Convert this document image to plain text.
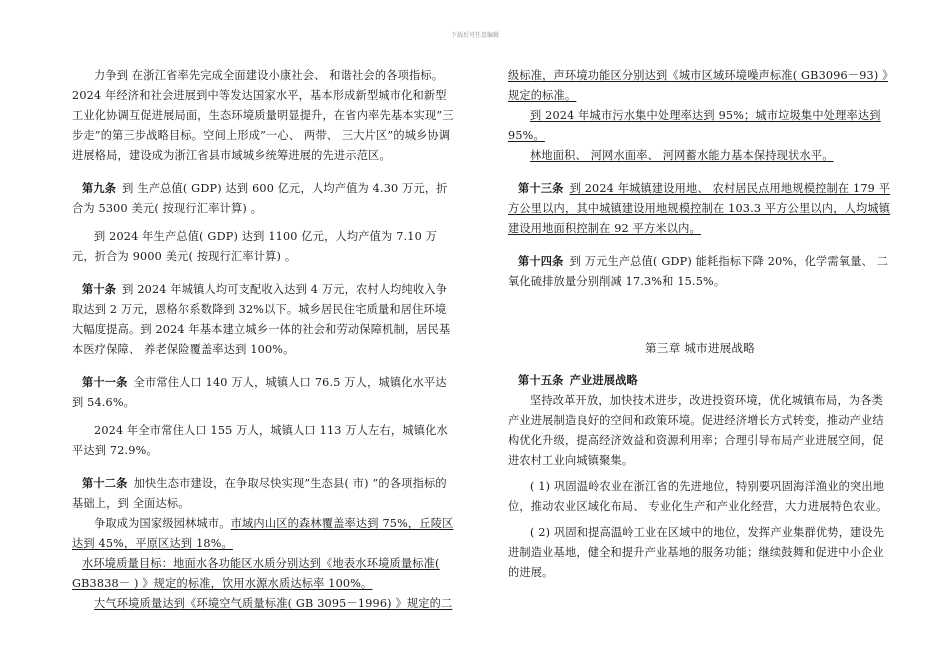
下载后可任意编辑

力争到 在浙江省率先完成全面建设小康社会、 和谐社会的各项指标。2024 年经济和社会进展到中等发达国家水平，基本形成新型城市化和新型工业化协调互促进展局面，生态环境质量明显提升，在省内率先基本实现”三步走”的第三步战略目标。空间上形成”一心、 两带、 三大片区”的城乡协调进展格局，建设成为浙江省县市域城乡统筹进展的先进示范区。

第九条 到 生产总值( GDP) 达到 600 亿元，人均产值为 4.30 万元，折合为 5300 美元( 按现行汇率计算) 。

到 2024 年生产总值( GDP) 达到 1100 亿元，人均产值为 7.10 万元，折合为 9000 美元( 按现行汇率计算) 。

第十条 到 2024 年城镇人均可支配收入达到 4 万元，农村人均纯收入争取达到 2 万元，恩格尔系数降到 32%以下。城乡居民住宅质量和居住环境大幅度提高。到 2024 年基本建立城乡一体的社会和劳动保障机制，居民基本医疗保障、 养老保险覆盖率达到 100%。

第十一条 全市常住人口 140 万人，城镇人口 76.5 万人，城镇化水平达到 54.6%。

2024 年全市常住人口 155 万人，城镇人口 113 万人左右，城镇化水平达到 72.9%。

第十二条 加快生态市建设，在争取尽快实现”生态县( 市) ”的各项指标的基础上，到 全面达标。

争取成为国家级园林城市。市域内山区的森林覆盖率达到 75%，丘陵区达到 45%，平原区达到 18%。

水环境质量目标：地面水各功能区水质分别达到《地表水环境质量标准( GB3838－ ) 》规定的标准，饮用水源水质达标率 100%。

大气环境质量达到《环境空气质量标准( GB 3095－1996) 》规定的二

级标准，声环境功能区分别达到《城市区域环境噪声标准( GB3096－93) 》规定的标准。

到 2024 年城市污水集中处理率达到 95%；城市垃圾集中处理率达到 95%。

林地面积、 河网水面率、 河网蓄水能力基本保持现状水平。

第十三条 到 2024 年城镇建设用地、 农村居民点用地规模控制在 179 平方公里以内，其中城镇建设用地规模控制在 103.3 平方公里以内，人均城镇建设用地面积控制在 92 平方米以内。

第十四条 到 万元生产总值( GDP) 能耗指标下降 20%，化学需氧量、 二氧化硫排放量分别削减 17.3%和 15.5%。

第三章 城市进展战略

第十五条 产业进展战略

坚持改革开放，加快技术进步，改进投资环境，优化城镇布局，为各类产业进展制造良好的空间和政策环境。促进经济增长方式转变，推动产业结构优化升级，提高经济效益和资源利用率；合理引导布局产业进展空间，促进农村工业向城镇聚集。

( 1) 巩固温岭农业在浙江省的先进地位，特别要巩固海洋渔业的突出地位，推动农业区域化布局、 专业化生产和产业化经营，大力进展特色农业。

( 2) 巩固和提高温岭工业在区域中的地位，发挥产业集群优势，建设先进制造业基地，健全和提升产业基地的服务功能；继续鼓舞和促进中小企业的进展。
